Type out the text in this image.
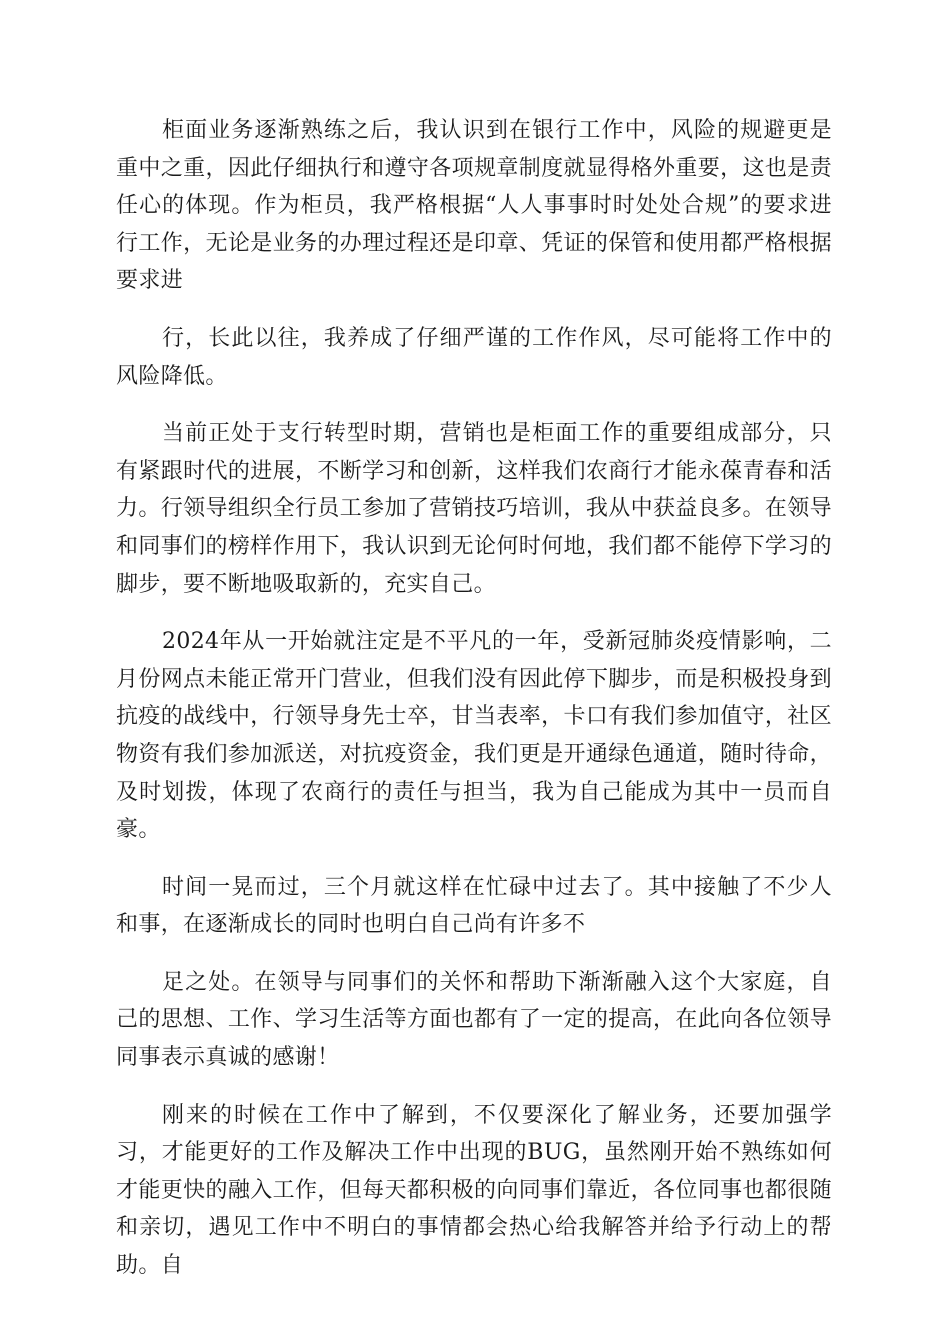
柜面业务逐渐熟练之后，我认识到在银行工作中，风险的规避更是重中之重，因此仔细执行和遵守各项规章制度就显得格外重要，这也是责任心的体现。作为柜员，我严格根据“人人事事时时处处合规”的要求进行工作，无论是业务的办理过程还是印章、凭证的保管和使用都严格根据要求进

行，长此以往，我养成了仔细严谨的工作作风，尽可能将工作中的风险降低。

当前正处于支行转型时期，营销也是柜面工作的重要组成部分，只有紧跟时代的进展，不断学习和创新，这样我们农商行才能永葆青春和活力。行领导组织全行员工参加了营销技巧培训，我从中获益良多。在领导和同事们的榜样作用下，我认识到无论何时何地，我们都不能停下学习的脚步，要不断地吸取新的，充实自己。

2024年从一开始就注定是不平凡的一年，受新冠肺炎疫情影响，二月份网点未能正常开门营业，但我们没有因此停下脚步，而是积极投身到抗疫的战线中，行领导身先士卒，甘当表率，卡口有我们参加值守，社区物资有我们参加派送，对抗疫资金，我们更是开通绿色通道，随时待命，及时划拨，体现了农商行的责任与担当，我为自己能成为其中一员而自豪。

时间一晃而过，三个月就这样在忙碌中过去了。其中接触了不少人和事，在逐渐成长的同时也明白自己尚有许多不

足之处。在领导与同事们的关怀和帮助下渐渐融入这个大家庭，自己的思想、工作、学习生活等方面也都有了一定的提高，在此向各位领导同事表示真诚的感谢！

刚来的时候在工作中了解到，不仅要深化了解业务，还要加强学习，才能更好的工作及解决工作中出现的BUG，虽然刚开始不熟练如何才能更快的融入工作，但每天都积极的向同事们靠近，各位同事也都很随和亲切，遇见工作中不明白的事情都会热心给我解答并给予行动上的帮助。自
